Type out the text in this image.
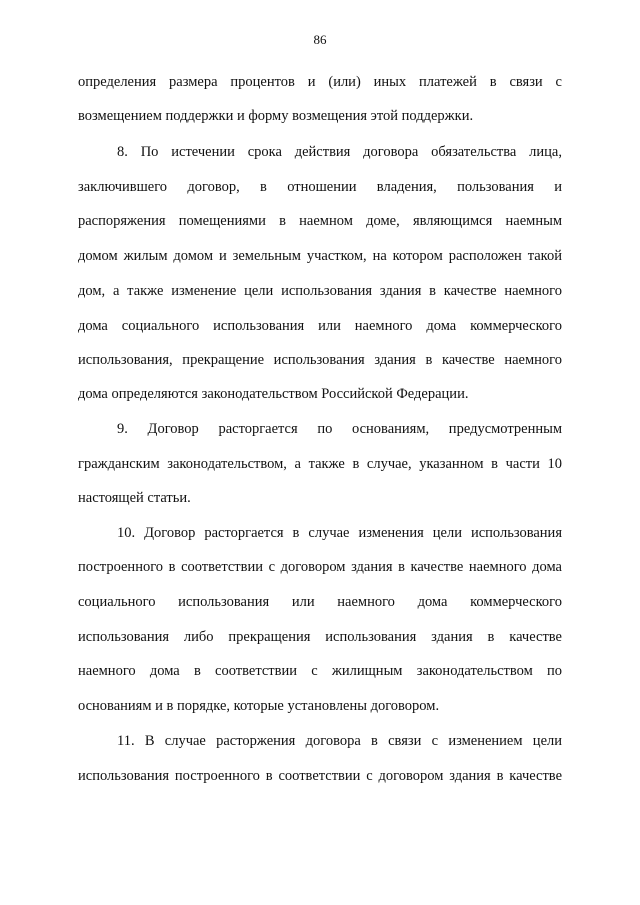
86
определения размера процентов и (или) иных платежей в связи с
возмещением поддержки и форму возмещения этой поддержки.
8. По истечении срока действия договора обязательства лица,
заключившего договор, в отношении владения, пользования и
распоряжения помещениями в наемном доме, являющимся наемным
домом жилым домом и земельным участком, на котором расположен такой
дом, а также изменение цели использования здания в качестве наемного
дома социального использования или наемного дома коммерческого
использования, прекращение использования здания в качестве наемного
дома определяются законодательством Российской Федерации.
9. Договор расторгается по основаниям, предусмотренным
гражданским законодательством, а также в случае, указанном в части 10
настоящей статьи.
10. Договор расторгается в случае изменения цели использования
построенного в соответствии с договором здания в качестве наемного дома
социального использования или наемного дома коммерческого
использования либо прекращения использования здания в качестве
наемного дома в соответствии с жилищным законодательством по
основаниям и в порядке, которые установлены договором.
11. В случае расторжения договора в связи с изменением цели
использования построенного в соответствии с договором здания в качестве
